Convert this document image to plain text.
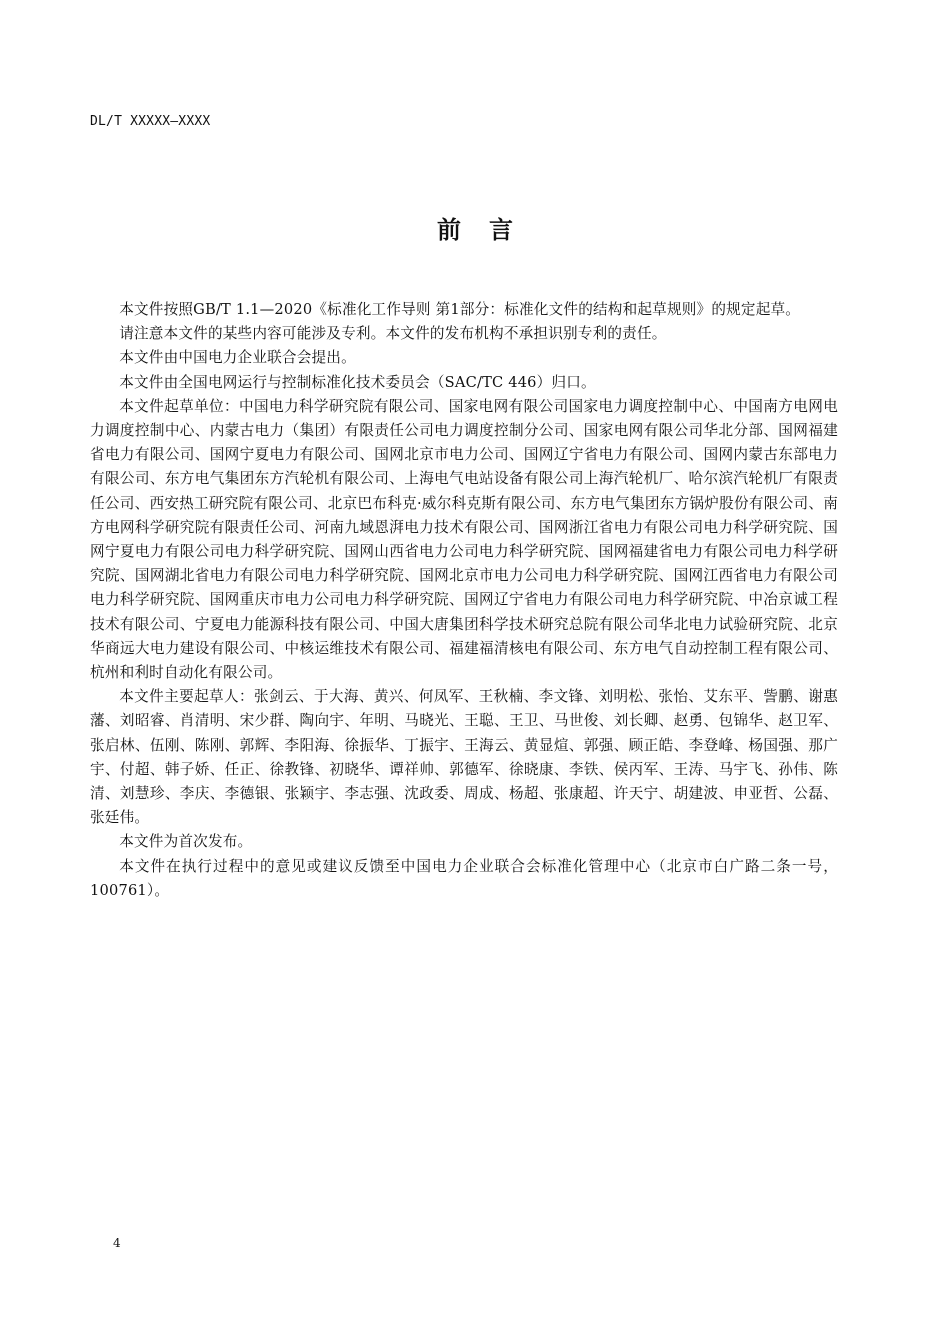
DL/T XXXXX—XXXX
前言

本文件按照GB/T 1.1—2020《标准化工作导则 第1部分：标准化文件的结构和起草规则》的规定起草。

请注意本文件的某些内容可能涉及专利。本文件的发布机构不承担识别专利的责任。

本文件由中国电力企业联合会提出。

本文件由全国电网运行与控制标准化技术委员会（SAC/TC 446）归口。

本文件起草单位：中国电力科学研究院有限公司、国家电网有限公司国家电力调度控制中心、中国南方电网电力调度控制中心、内蒙古电力（集团）有限责任公司电力调度控制分公司、国家电网有限公司华北分部、国网福建省电力有限公司、国网宁夏电力有限公司、国网北京市电力公司、国网辽宁省电力有限公司、国网内蒙古东部电力有限公司、东方电气集团东方汽轮机有限公司、上海电气电站设备有限公司上海汽轮机厂、哈尔滨汽轮机厂有限责任公司、西安热工研究院有限公司、北京巴布科克·威尔科克斯有限公司、东方电气集团东方锅炉股份有限公司、南方电网科学研究院有限责任公司、河南九域恩湃电力技术有限公司、国网浙江省电力有限公司电力科学研究院、国网宁夏电力有限公司电力科学研究院、国网山西省电力公司电力科学研究院、国网福建省电力有限公司电力科学研究院、国网湖北省电力有限公司电力科学研究院、国网北京市电力公司电力科学研究院、国网江西省电力有限公司电力科学研究院、国网重庆市电力公司电力科学研究院、国网辽宁省电力有限公司电力科学研究院、中冶京诚工程技术有限公司、宁夏电力能源科技有限公司、中国大唐集团科学技术研究总院有限公司华北电力试验研究院、北京华商远大电力建设有限公司、中核运维技术有限公司、福建福清核电有限公司、东方电气自动控制工程有限公司、杭州和利时自动化有限公司。

本文件主要起草人：张剑云、于大海、黄兴、何凤军、王秋楠、李文锋、刘明松、张怡、艾东平、訾鹏、谢惠藩、刘昭睿、肖清明、宋少群、陶向宇、年明、马晓光、王聪、王卫、马世俊、刘长卿、赵勇、包锦华、赵卫军、张启林、伍刚、陈刚、郭辉、李阳海、徐振华、丁振宇、王海云、黄显煊、郭强、顾正皓、李登峰、杨国强、那广宇、付超、韩子娇、任正、徐教锋、初晓华、谭祥帅、郭德军、徐晓康、李铁、侯丙军、王涛、马宇飞、孙伟、陈清、刘慧珍、李庆、李德银、张颖宇、李志强、沈政委、周成、杨超、张康超、许天宁、胡建波、申亚哲、公磊、张廷伟。

本文件为首次发布。

本文件在执行过程中的意见或建议反馈至中国电力企业联合会标准化管理中心（北京市白广路二条一号，100761）。

4
